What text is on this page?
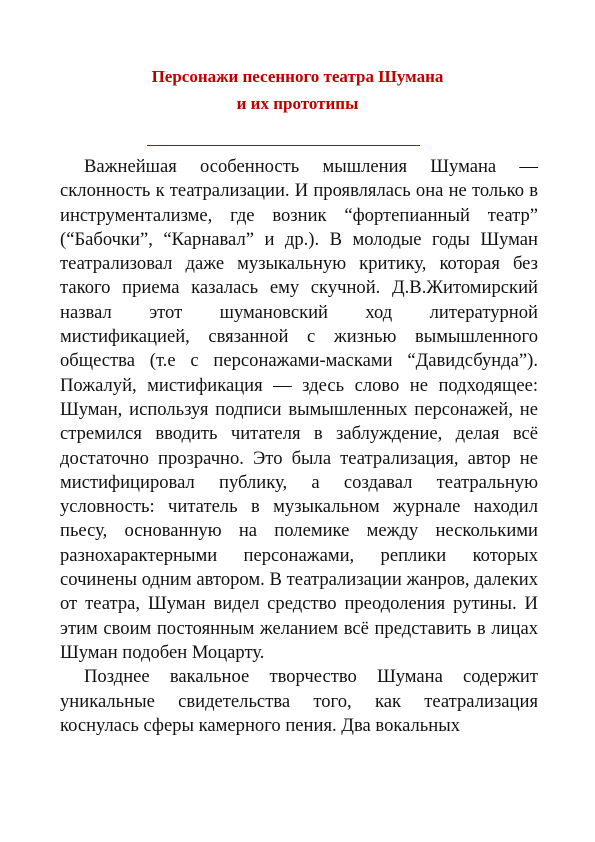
Персонажи песенного театра Шумана
и их прототипы

Важнейшая особенность мышления Шумана — склонность к театрализации. И проявлялась она не только в инструментализме, где возник “фортепианный театр” (“Бабочки”, “Карнавал” и др.). В молодые годы Шуман театрализовал даже музыкальную критику, которая без такого приема казалась ему скучной. Д.В.Житомирский назвал этот шумановский ход литературной мистификацией, связанной с жизнью вымышленного общества (т.е с персонажами-масками “Давидсбунда”). Пожалуй, мистификация — здесь слово не подходящее: Шуман, используя подписи вымышленных персонажей, не стремился вводить читателя в заблуждение, делая всё достаточно прозрачно. Это была театрализация, автор не мистифицировал публику, а создавал театральную условность: читатель в музыкальном журнале находил пьесу, основанную на полемике между несколькими разнохарактерными персонажами, реплики которых сочинены одним автором. В театрализации жанров, далеких от театра, Шуман видел средство преодоления рутины. И этим своим постоянным желанием всё представить в лицах Шуман подобен Моцарту.

Позднее вакальное творчество Шумана содержит уникальные свидетельства того, как театрализация коснулась сферы камерного пения. Два вокальных
